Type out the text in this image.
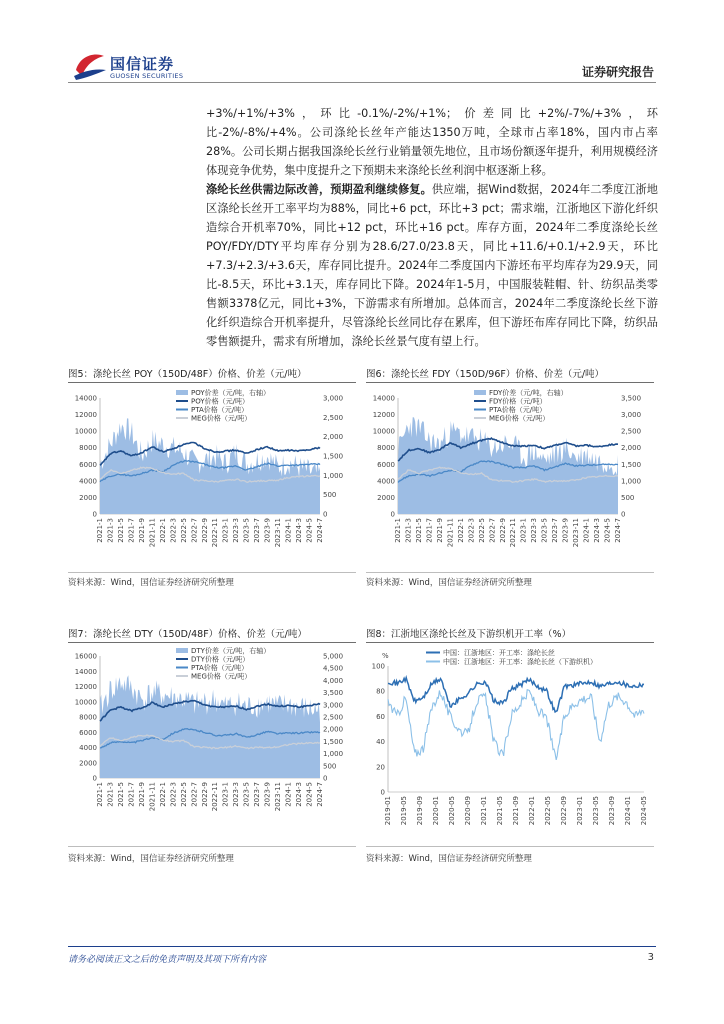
国信证券
GUOSEN SECURITIES	证券研究报告
+3%/+1%/+3%，环比-0.1%/-2%/+1%；价差同比+2%/-7%/+3%，环比-2%/-8%/+4%。公司涤纶长丝年产能达1350万吨，全球市占率18%，国内市占率28%。公司长期占据我国涤纶长丝行业销量领先地位，且市场份额逐年提升，利用规模经济体现竞争优势，集中度提升之下预期未来涤纶长丝利润中枢逐渐上移。
涤纶长丝供需边际改善，预期盈利继续修复。供应端，据Wind数据，2024年二季度江浙地区涤纶长丝开工率平均为88%，同比+6 pct，环比+3 pct；需求端，江浙地区下游化纤织造综合开机率70%，同比+12 pct，环比+16 pct。库存方面，2024年二季度涤纶长丝POY/FDY/DTY平均库存分别为28.6/27.0/23.8天，同比+11.6/+0.1/+2.9天，环比+7.3/+2.3/+3.6天，库存同比提升。2024年二季度国内下游坯布平均库存为29.9天，同比-8.5天，环比+3.1天，库存同比下降。2024年1-5月，中国服装鞋帽、针、纺织品类零售额3378亿元，同比+3%，下游需求有所增加。总体而言，2024年二季度涤纶长丝下游化纤织造综合开机率提升，尽管涤纶长丝同比存在累库，但下游坯布库存同比下降，纺织品零售额提升，需求有所增加，涤纶长丝景气度有望上行。
图5：涤纶长丝 POY（150D/48F）价格、价差（元/吨）
14000
12000
10000
8000
6000
4000
2000
0
3,000
2,500
2,000
1,500
1,000
500
0
2021-1 2021-3 2021-5 2021-7 2021-9 2021-11 2022-1 2022-3 2022-5 2022-7 2022-9 2022-11 2023-1 2023-3 2023-5 2023-7 2023-9 2023-11 2024-1 2024-3 2024-5 2024-7
POY价差（元/吨，右轴）
POY价格（元/吨）
PTA价格（元/吨）
MEG价格（元/吨）
资料来源：Wind，国信证券经济研究所整理
图6：涤纶长丝 FDY（150D/96F）价格、价差（元/吨）
14000
12000
10000
8000
6000
4000
2000
0
3,500
3,000
2,500
2,000
1,500
1,000
500
0
2021-1 2021-3 2021-5 2021-7 2021-9 2021-11 2022-1 2022-3 2022-5 2022-7 2022-9 2022-11 2023-1 2023-3 2023-5 2023-7 2023-9 2023-11 2024-1 2024-3 2024-5 2024-7
FDY价差（元/吨，右轴）
FDY价格（元/吨）
PTA价格（元/吨）
MEG价格（元/吨）
资料来源：Wind，国信证券经济研究所整理
图7：涤纶长丝 DTY（150D/48F）价格、价差（元/吨）
16000
14000
12000
10000
8000
6000
4000
2000
0
5,000
4,500
4,000
3,500
3,000
2,500
2,000
1,500
1,000
500
0
2021-1 2021-3 2021-5 2021-7 2021-9 2021-11 2022-1 2022-3 2022-5 2022-7 2022-9 2022-11 2023-1 2023-3 2023-5 2023-7 2023-9 2023-11 2024-1 2024-3 2024-5 2024-7
DTY价差（元/吨，右轴）
DTY价格（元/吨）
PTA价格（元/吨）
MEG价格（元/吨）
资料来源：Wind，国信证券经济研究所整理
图8：江浙地区涤纶长丝及下游织机开工率（%）
%
100
80
60
40
20
0
2019-01 2019-05 2019-09 2020-01 2020-05 2020-09 2021-01 2021-05 2021-09 2022-01 2022-05 2022-09 2023-01 2023-05 2023-09 2024-01 2024-05
中国：江浙地区：开工率：涤纶长丝
中国：江浙地区：开工率：涤纶长丝（下游织机）
资料来源：Wind，国信证券经济研究所整理
请务必阅读正文之后的免责声明及其项下所有内容	3
